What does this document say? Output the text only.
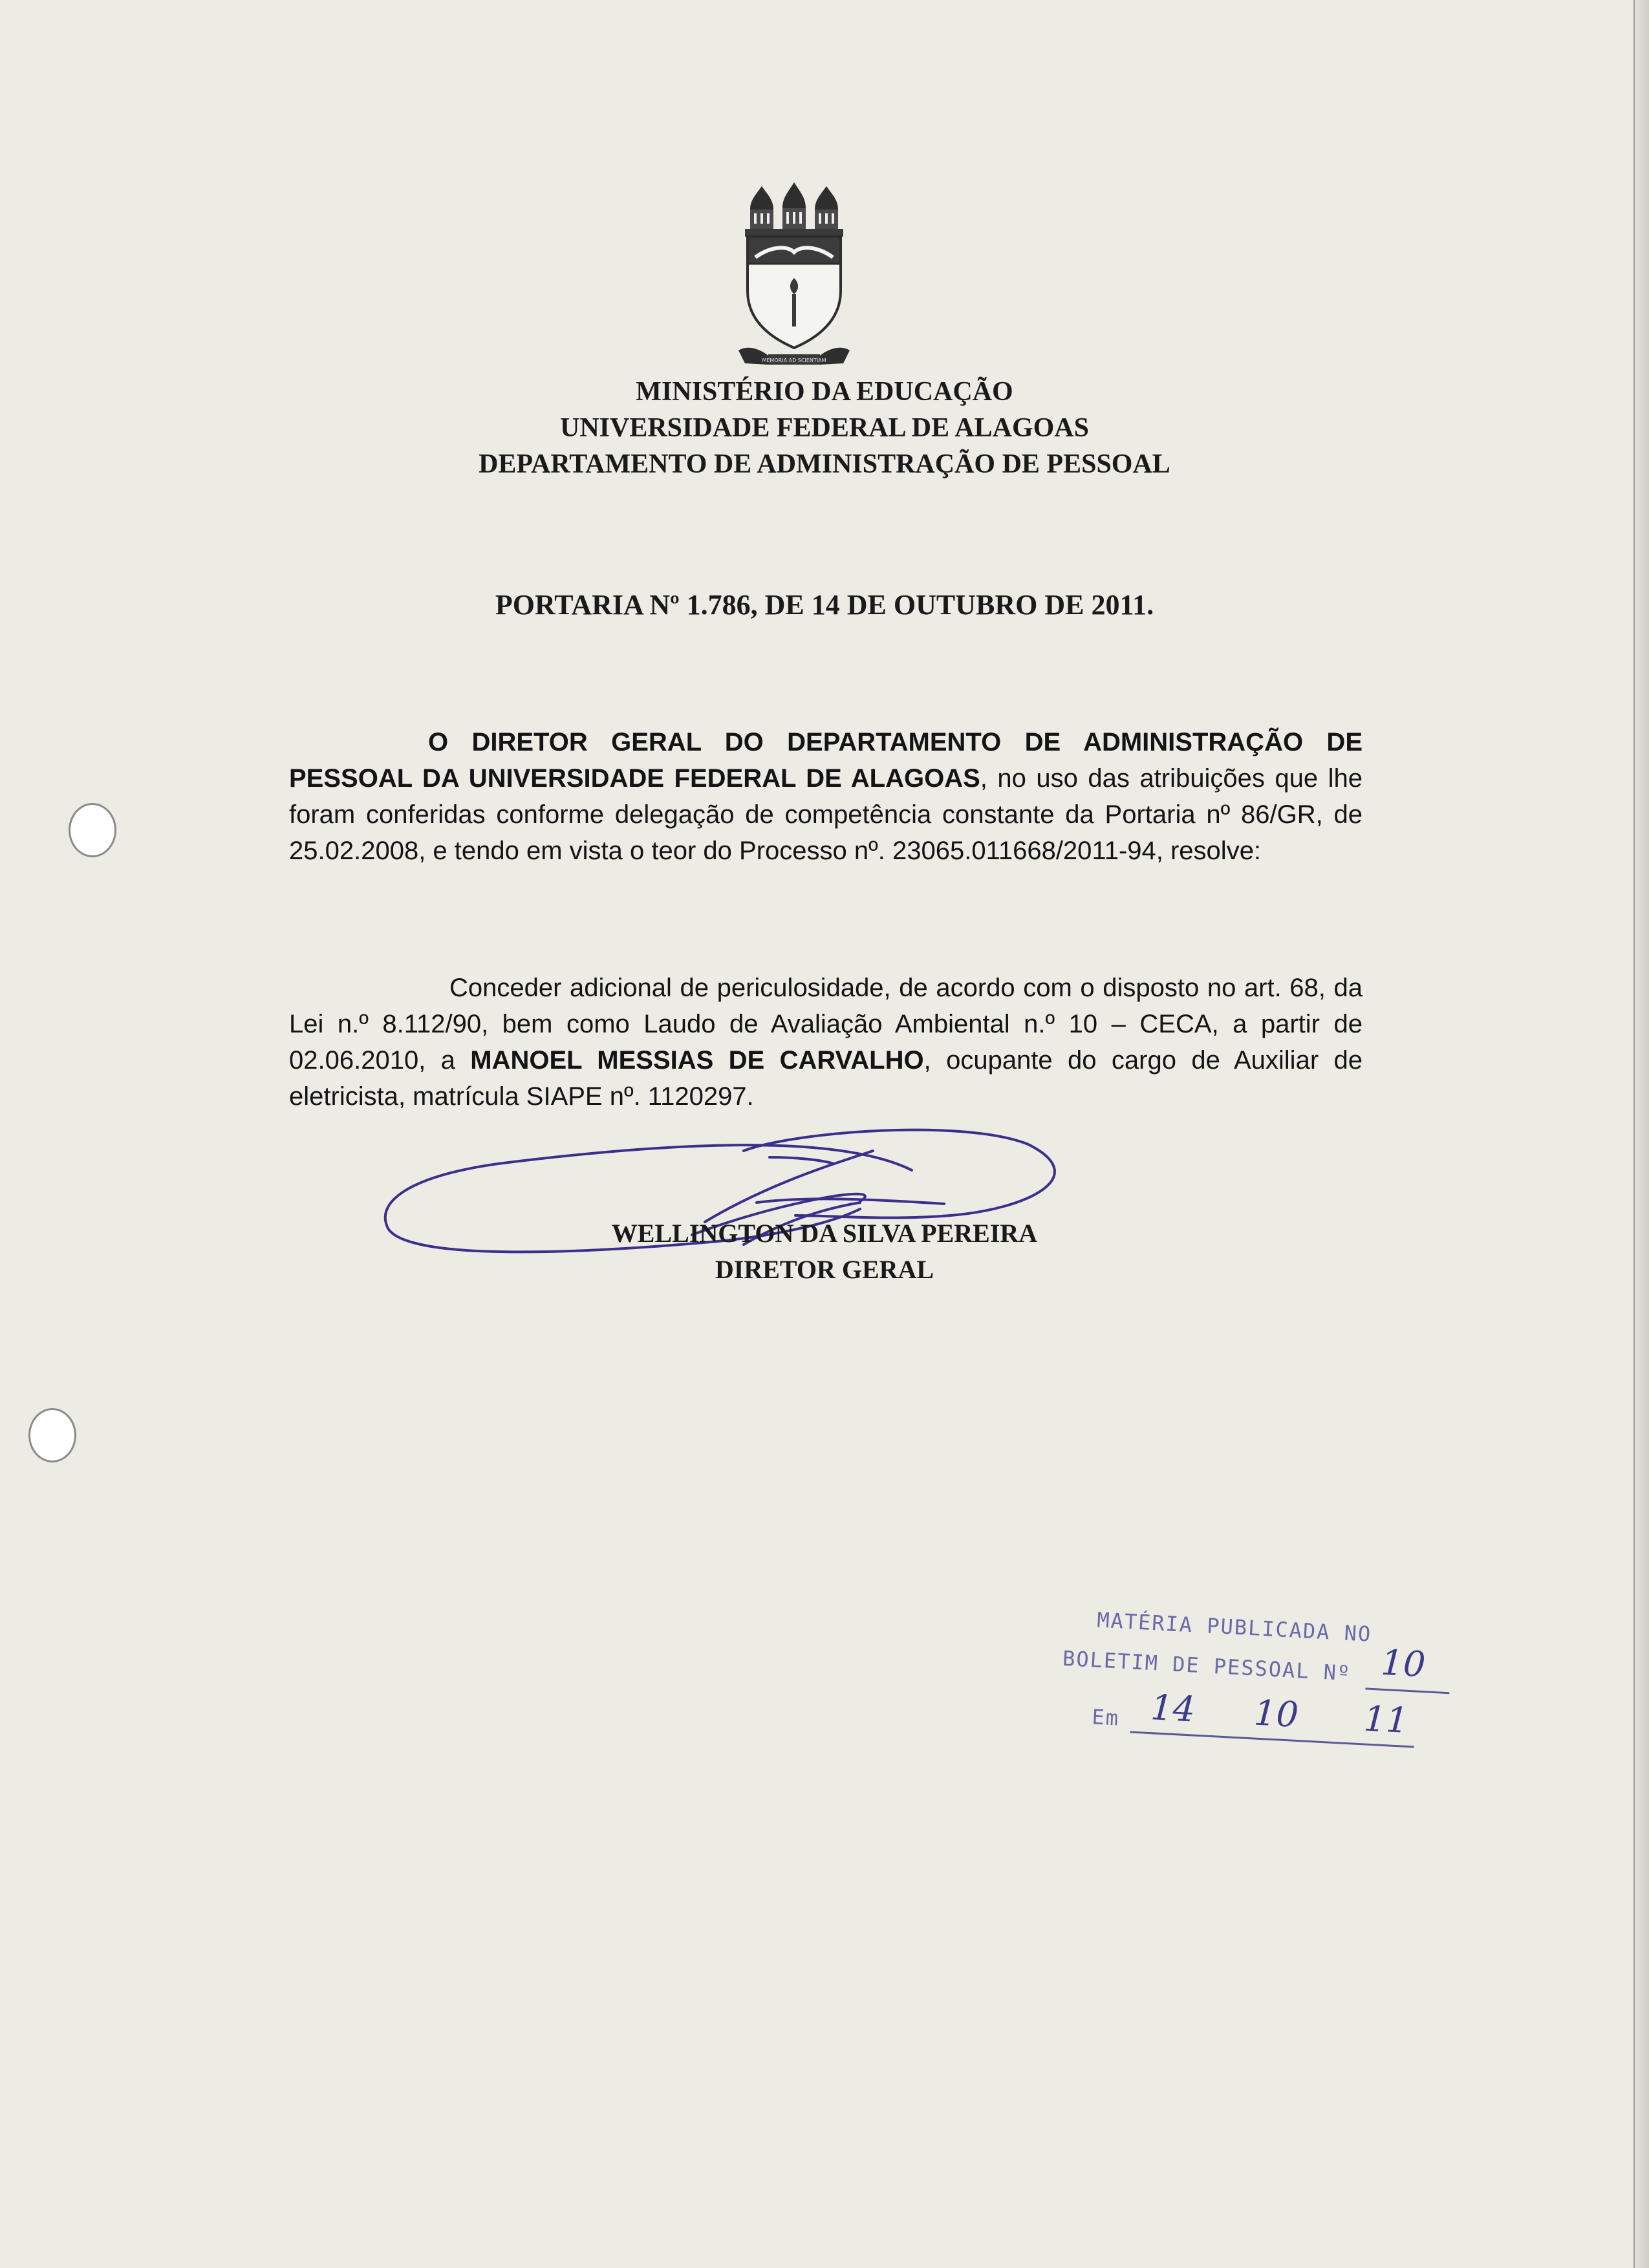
MEMORIA AD SCIENTIAM
MINISTÉRIO DA EDUCAÇÃO
UNIVERSIDADE FEDERAL DE ALAGOAS
DEPARTAMENTO DE ADMINISTRAÇÃO DE PESSOAL
PORTARIA Nº 1.786, DE 14 DE OUTUBRO DE 2011.
O DIRETOR GERAL DO DEPARTAMENTO DE ADMINISTRAÇÃO DE PESSOAL DA UNIVERSIDADE FEDERAL DE ALAGOAS, no uso das atribuições que lhe foram conferidas conforme delegação de competência constante da Portaria nº 86/GR, de 25.02.2008, e tendo em vista o teor do Processo nº. 23065.011668/2011-94, resolve:
Conceder adicional de periculosidade, de acordo com o disposto no art. 68, da Lei n.º 8.112/90, bem como Laudo de Avaliação Ambiental n.º 10 – CECA, a partir de 02.06.2010, a MANOEL MESSIAS DE CARVALHO, ocupante do cargo de Auxiliar de eletricista, matrícula SIAPE nº. 1120297.
WELLINGTON DA SILVA PEREIRA
DIRETOR GERAL
MATÉRIA PUBLICADA NO
BOLETIM DE PESSOAL Nº
Em
10
14 10 11
